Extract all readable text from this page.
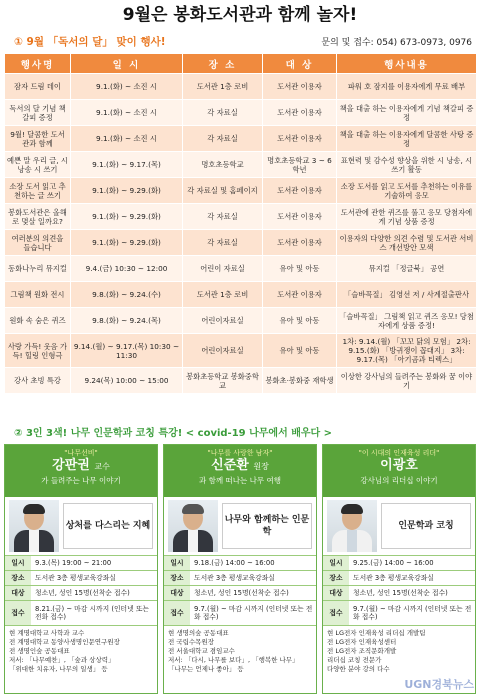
9월은 봉화도서관과 함께 놀자!
① 9월 「독서의 달」 맞이 행사!	문의 및 접수: 054) 673-0973, 0976
행사명	일 시	장 소	대 상	행사내용
잠자 드림 데이	9.1.(화) ~ 소진 시	도서관 1층 로비	도서관 이용자	파워 호 잠지를 이용자에게 무료 배부
독서의 달 기념 책갈피 증정	9.1.(화) ~ 소진 시	각 자료실	도서관 이용자	책을 대출 하는 이용자에게 기념 책갈피 증정
9월! 달콤한 도서관과 함께	9.1.(화) ~ 소진 시	각 자료실	도서관 이용자	책을 대출 하는 이용자에게 달콤한 사탕 증정
예쁜 말 우리 글, 시 낭송 시 쓰기	9.1.(화) ~ 9.17.(목)	명호초등학교	명호초등학교 3 ~ 6학년	표현력 및 감수성 향상을 위한 시 낭송, 시 쓰기 활동
소장 도서 읽고 추천하는 글 쓰기	9.1.(화) ~ 9.29.(화)	각 자료실 및 홈페이지	도서관 이용자	소장 도서를 읽고 도서를 추천하는 이유를 기술하여 응모
봉화도서관은 올해로 몇살 일까요?	9.1.(화) ~ 9.29.(화)	각 자료실	도서관 이용자	도서관에 관한 퀴즈를 풀고 응모 당첨자에게 기념 상품 증정
여러분의 의견을 들습니다	9.1.(화) ~ 9.29.(화)	각 자료실	도서관 이용자	이용자의 다양한 의견 수렴 및 도서관 서비스 개선방안 모색
동화나누리 뮤지컬	9.4.(금) 10:30 ~ 12:00	어린이 자료실	유아 및 아동	뮤지컬 「정글북」 공연
그림책 원화 전시	9.8.(화) ~ 9.24.(수)	도서관 1층 로비	도서관 이용자	「슬바꼭질」 김영선 저 / 사계절출판사
원화 속 숨은 퀴즈	9.8.(화) ~ 9.24.(목)	어린이자료실	유아 및 아동	「슬바꼭질」 그림책 읽고 퀴즈 응모! 당첨자에게 상품 증정!
사랑 가득! 웃음 가득! 힐링 인형극	9.14.(월) ~ 9.17.(목) 10:30 ~ 11:30	어린이자료실	유아 및 아동	1차: 9.14.(월) 「꼬꼬 닭의 모험」 2차: 9.15.(화) 「방귀쟁이 꼽대지」 3차: 9.17.(목) 「아기곰과 티렉스」
강사 초빙 특강	9.24(목) 10:00 ~ 15:00	봉화초등학교 봉화중학교	봉화초·봉화중 재학생	이상한 강사님의 들려주는 봉화와 꿈 이야기
② 3인 3색! 나무 인문학과 코칭 특강! < covid-19 나무에서 배우다 >
"나무선비"
강판권 교수
가 들려주는 나무 이야기
상처를 다스리는 지혜
일시	9.3.(목) 19:00 ~ 21:00
장소	도서관 3층 평생교육강좌실
대상	청소년, 성인 15명(선착순 접수)
접수	8.21.(금) ~ 마감 시까지 (인터넷 또는 전화 접수)
현 계명대학교 사학과 교수
전 계명대학교 동양사생명인문연구원장
전 생명인숲 공동대표
저서: 「나무예찬」, 「숲과 상상력」
「위대한 치유자, 나무의 일생」 등
"나무를 사랑한 남자"
신준환 원장
과 함께 떠나는 나무 여행
나무와 함께하는 인문학
일시	9.18.(금) 14:00 ~ 16:00
장소	도서관 3층 평생교육강좌실
대상	청소년, 성인 15명(선착순 접수)
접수	9.7.(월) ~ 마감 시까지 (인터넷 또는 전화 접수)
현 생명의숲 공동대표
전 국립수목원장
전 서울대학교 겸임교수
저서: 「다시, 나무를 보다」, 「행복한 나무」
「나무는 언제나 좋아」 등
"이 시대의 인재육성 리더"
이광호
강사님의 리더십 이야기
인문학과 코칭
일시	9.25.(금) 14:00 ~ 16:00
장소	도서관 3층 평생교육강좌실
대상	청소년, 성인 15명(선착순 접수)
접수	9.7.(월) ~ 마감 시까지 (인터넷 또는 전화 접수)
현 LG전자 인재육성 리더십 개발팀
전 LG전자 인재육성센터
전 LG전자 조직문화개발
리더십 코칭 전문가
다양한 분야 강의 다수
UGN경북뉴스
